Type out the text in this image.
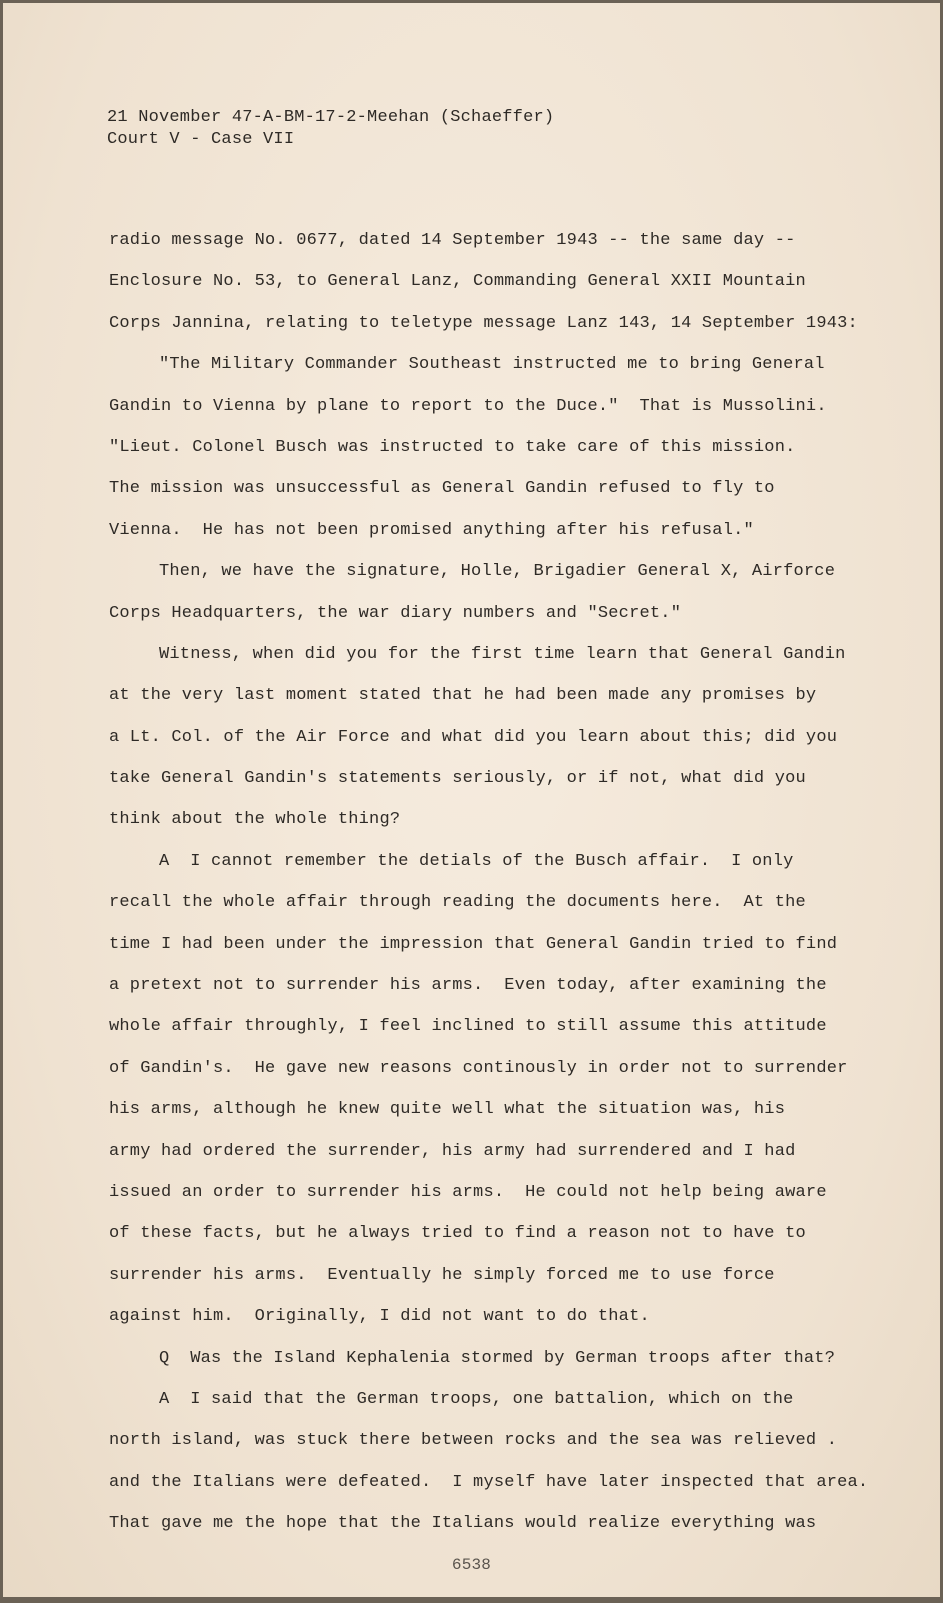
21 November 47-A-BM-17-2-Meehan (Schaeffer)
Court V - Case VII
radio message No. 0677, dated 14 September 1943 -- the same day --
Enclosure No. 53, to General Lanz, Commanding General XXII Mountain
Corps Jannina, relating to teletype message Lanz 143, 14 September 1943:
"The Military Commander Southeast instructed me to bring General
Gandin to Vienna by plane to report to the Duce."  That is Mussolini.
"Lieut. Colonel Busch was instructed to take care of this mission.
The mission was unsuccessful as General Gandin refused to fly to
Vienna.  He has not been promised anything after his refusal."
Then, we have the signature, Holle, Brigadier General X, Airforce
Corps Headquarters, the war diary numbers and "Secret."
Witness, when did you for the first time learn that General Gandin
at the very last moment stated that he had been made any promises by
a Lt. Col. of the Air Force and what did you learn about this; did you
take General Gandin's statements seriously, or if not, what did you
think about the whole thing?
A  I cannot remember the detials of the Busch affair.  I only
recall the whole affair through reading the documents here.  At the
time I had been under the impression that General Gandin tried to find
a pretext not to surrender his arms.  Even today, after examining the
whole affair throughly, I feel inclined to still assume this attitude
of Gandin's.  He gave new reasons continously in order not to surrender
his arms, although he knew quite well what the situation was, his
army had ordered the surrender, his army had surrendered and I had
issued an order to surrender his arms.  He could not help being aware
of these facts, but he always tried to find a reason not to have to
surrender his arms.  Eventually he simply forced me to use force
against him.  Originally, I did not want to do that.
Q  Was the Island Kephalenia stormed by German troops after that?
A  I said that the German troops, one battalion, which on the
north island, was stuck there between rocks and the sea was relieved .
and the Italians were defeated.  I myself have later inspected that area.
That gave me the hope that the Italians would realize everything was
6538
